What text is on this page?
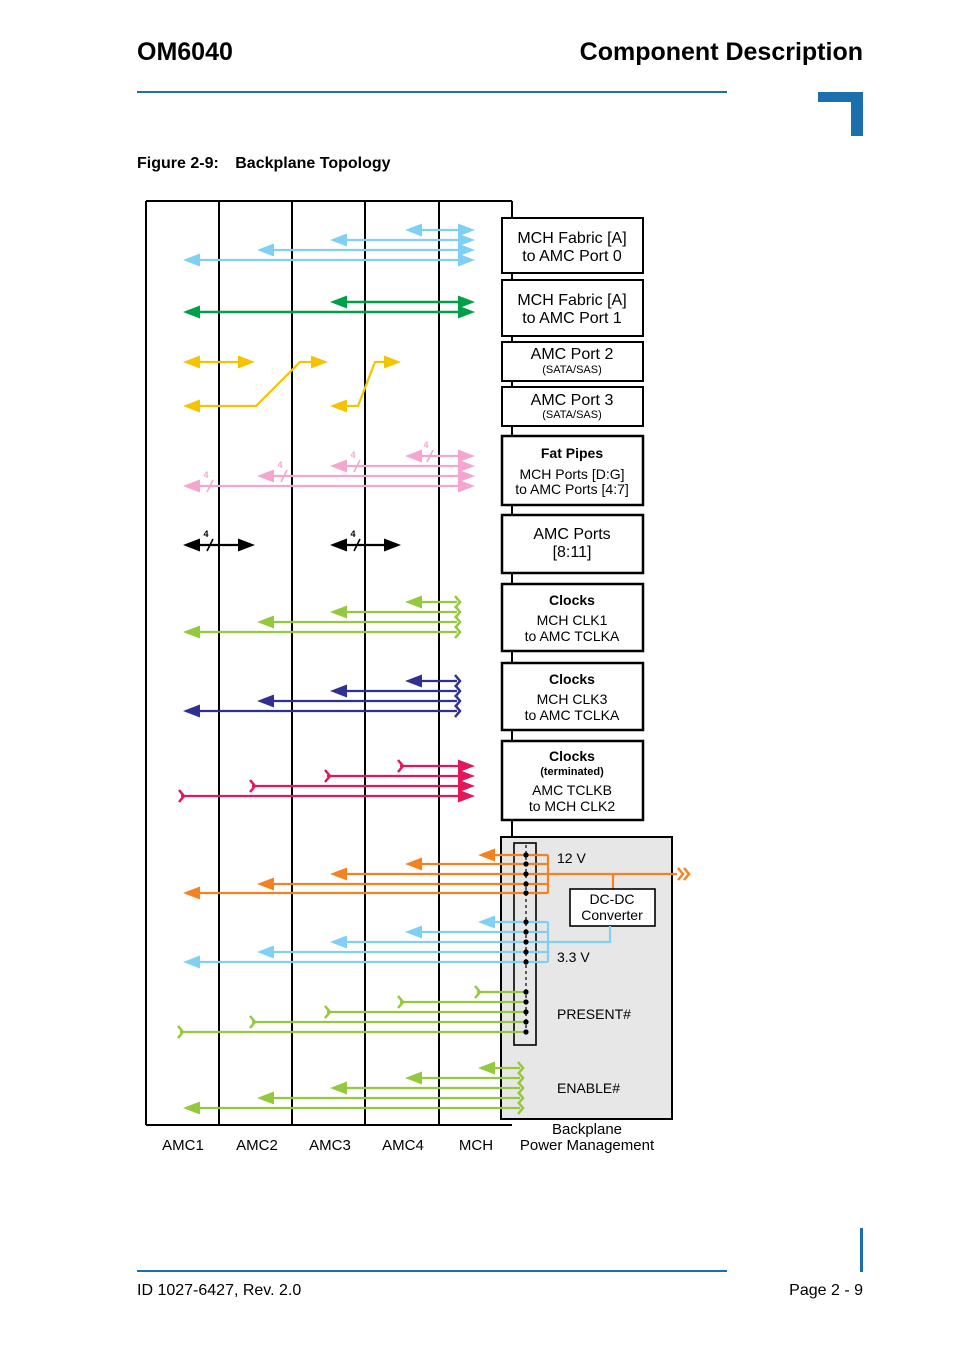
OM6040	Component Description
Figure 2-9: Backplane Topology
MCH Fabric [A]
to AMC Port 0
MCH Fabric [A]
to AMC Port 1
AMC Port 2
(SATA/SAS)
AMC Port 3
(SATA/SAS)
Fat Pipes
MCH Ports [D:G]
to AMC Ports [4:7]
AMC Ports
[8:11]
Clocks
MCH CLK1
to AMC TCLKA
Clocks
MCH CLK3
to AMC TCLKA
Clocks
(terminated)
AMC TCLKB
to MCH CLK2
4
4
4
4
4	4
DC-DC
Converter
12 V
3.3 V
PRESENT#
ENABLE#
AMC1 AMC2 AMC3 AMC4 MCH
Backplane
Power Management
ID 1027-6427, Rev. 2.0	Page 2 - 9
